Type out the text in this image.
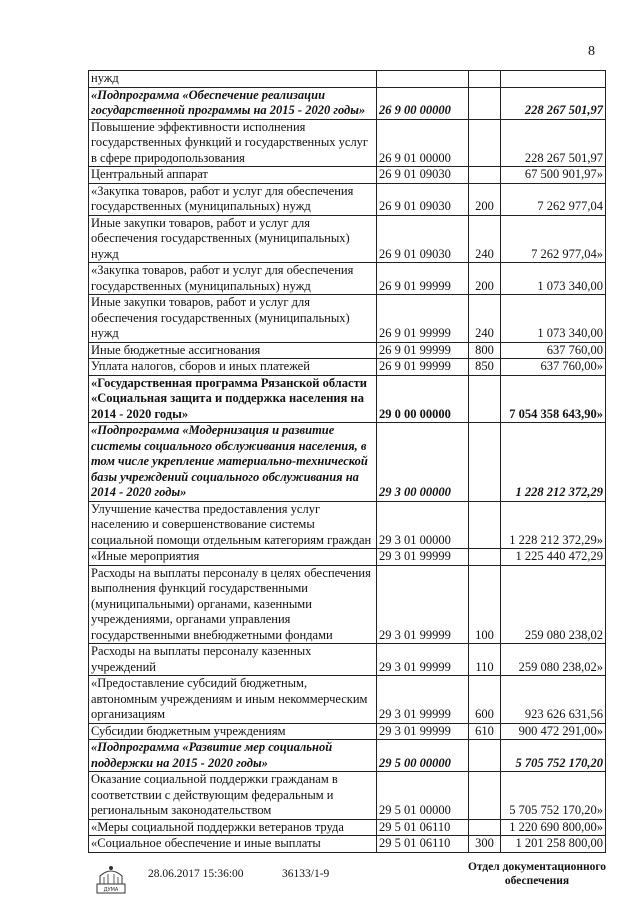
8
нужд			
«Подпрограмма «Обеспечение реализации государственной программы на 2015 - 2020 годы»	26 9 00 00000		228 267 501,97
Повышение эффективности исполнения государственных функций и государственных услуг в сфере природопользования	26 9 01 00000		228 267 501,97
Центральный аппарат	26 9 01 09030		67 500 901,97»
«Закупка товаров, работ и услуг для обеспечения государственных (муниципальных) нужд	26 9 01 09030	200	7 262 977,04
Иные закупки товаров, работ и услуг для обеспечения государственных (муниципальных) нужд	26 9 01 09030	240	7 262 977,04»
«Закупка товаров, работ и услуг для обеспечения государственных (муниципальных) нужд	26 9 01 99999	200	1 073 340,00
Иные закупки товаров, работ и услуг для обеспечения государственных (муниципальных) нужд	26 9 01 99999	240	1 073 340,00
Иные бюджетные ассигнования	26 9 01 99999	800	637 760,00
Уплата налогов, сборов и иных платежей	26 9 01 99999	850	637 760,00»
«Государственная программа Рязанской области «Социальная защита и поддержка населения на 2014 - 2020 годы»	29 0 00 00000		7 054 358 643,90»
«Подпрограмма «Модернизация и развитие системы социального обслуживания населения, в том числе укрепление материально-технической базы учреждений социального обслуживания на 2014 - 2020 годы»	29 3 00 00000		1 228 212 372,29
Улучшение качества предоставления услуг населению и совершенствование системы социальной помощи отдельным категориям граждан	29 3 01 00000		1 228 212 372,29»
«Иные мероприятия	29 3 01 99999		1 225 440 472,29
Расходы на выплаты персоналу в целях обеспечения выполнения функций государственными (муниципальными) органами, казенными учреждениями, органами управления государственными внебюджетными фондами	29 3 01 99999	100	259 080 238,02
Расходы на выплаты персоналу казенных учреждений	29 3 01 99999	110	259 080 238,02»
«Предоставление субсидий бюджетным, автономным учреждениям и иным некоммерческим организациям	29 3 01 99999	600	923 626 631,56
Субсидии бюджетным учреждениям	29 3 01 99999	610	900 472 291,00»
«Подпрограмма «Развитие мер социальной поддержки на 2015 - 2020 годы»	29 5 00 00000		5 705 752 170,20
Оказание социальной поддержки гражданам в соответствии с действующим федеральным и региональным законодательством	29 5 01 00000		5 705 752 170,20»
«Меры социальной поддержки ветеранов труда	29 5 01 06110		1 220 690 800,00»
«Социальное обеспечение и иные выплаты	29 5 01 06110	300	1 201 258 800,00
ДУМА
28.06.2017 15:36:00	36133/1-9
Отдел документационного обеспечения
